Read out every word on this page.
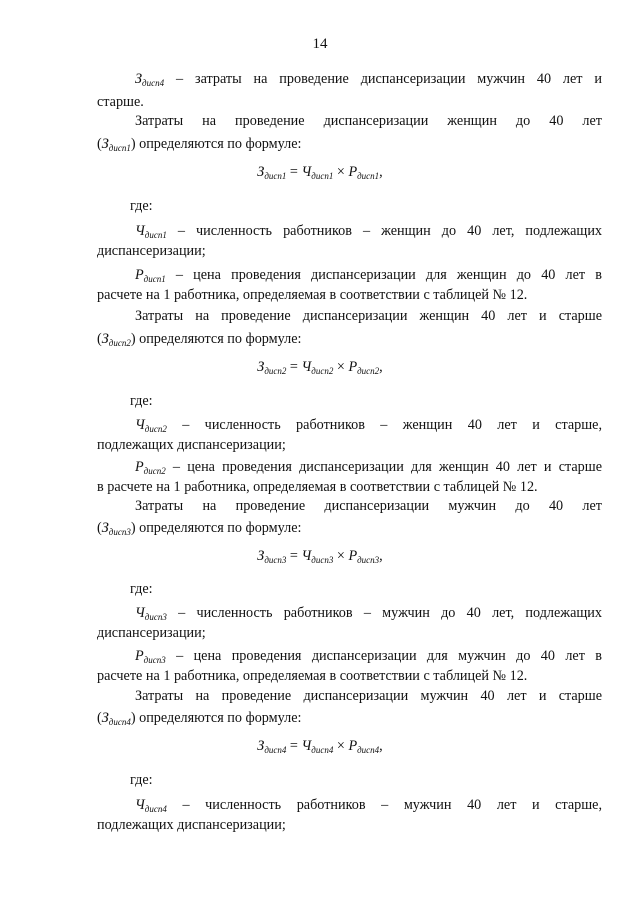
14
$З_{дисп4}$ – затраты на проведение диспансеризации мужчин 40 лет и
старше.
Затраты на проведение диспансеризации женщин до 40 лет
$(З_{дисп1})$ определяются по формуле:
$З_{дисп1} = Ч_{дисп1} \times Р_{дисп1}$,
где:
$Ч_{дисп1}$ – численность работников – женщин до 40 лет, подлежащих
диспансеризации;
$Р_{дисп1}$ – цена проведения диспансеризации для женщин до 40 лет в
расчете на 1 работника, определяемая в соответствии с таблицей № 12.
Затраты на проведение диспансеризации женщин 40 лет и старше
$(З_{дисп2})$ определяются по формуле:
$З_{дисп2} = Ч_{дисп2} \times Р_{дисп2}$,
где:
$Ч_{дисп2}$ – численность работников – женщин 40 лет и старше,
подлежащих диспансеризации;
$Р_{дисп2}$ – цена проведения диспансеризации для женщин 40 лет и старше
в расчете на 1 работника, определяемая в соответствии с таблицей № 12.
Затраты на проведение диспансеризации мужчин до 40 лет
$(З_{дисп3})$ определяются по формуле:
$З_{дисп3} = Ч_{дисп3} \times Р_{дисп3}$,
где:
$Ч_{дисп3}$ – численность работников – мужчин до 40 лет, подлежащих
диспансеризации;
$Р_{дисп3}$ – цена проведения диспансеризации для мужчин до 40 лет в
расчете на 1 работника, определяемая в соответствии с таблицей № 12.
Затраты на проведение диспансеризации мужчин 40 лет и старше
$(З_{дисп4})$ определяются по формуле:
$З_{дисп4} = Ч_{дисп4} \times Р_{дисп4}$,
где:
$Ч_{дисп4}$ – численность работников – мужчин 40 лет и старше,
подлежащих диспансеризации;
